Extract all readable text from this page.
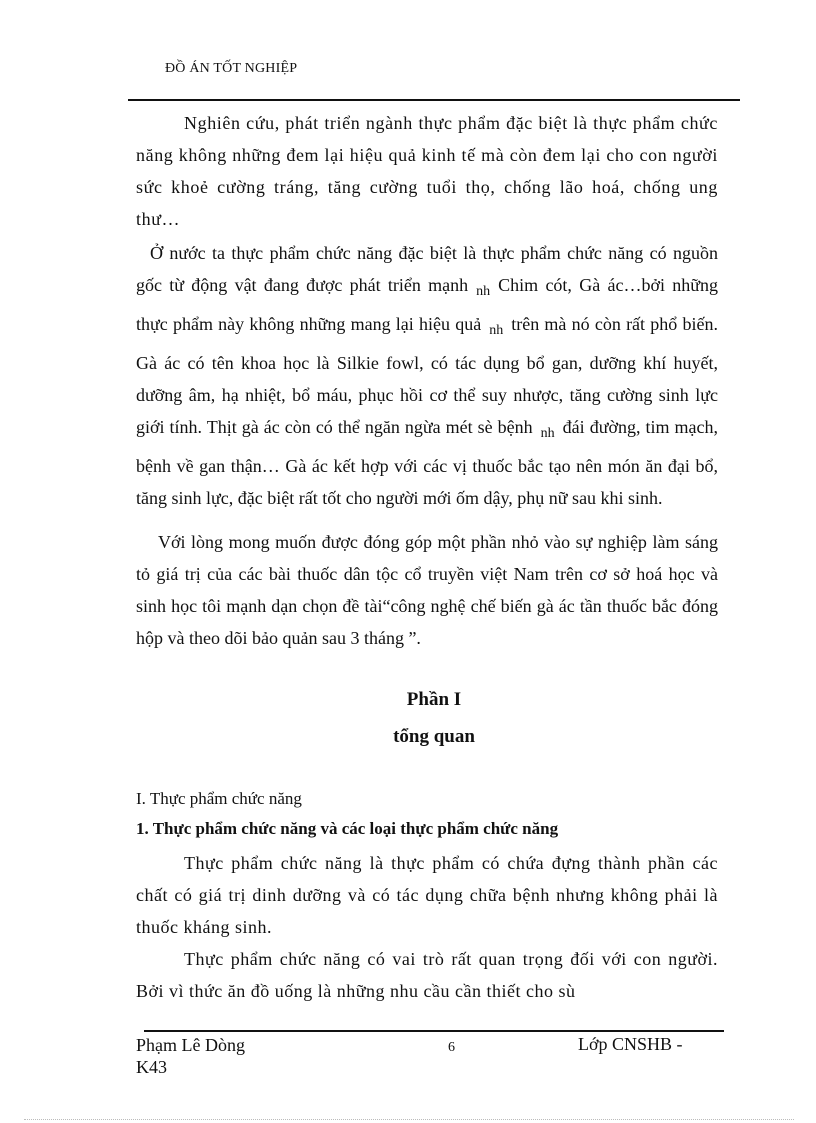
ĐỒ ÁN TỐT NGHIỆP

Nghiên cứu, phát triển ngành thực phẩm đặc biệt là thực phẩm chức năng không những đem lại hiệu quả kinh tế mà còn đem lại cho con người sức khoẻ cường tráng, tăng cường tuổi thọ, chống lão hoá, chống ung thư…

Ở nước ta thực phẩm chức năng đặc biệt là thực phẩm chức năng có nguồn gốc từ động vật đang được phát triển mạnh $_{nh}$ Chim cót, Gà ác…bởi những thực phẩm này không những mang lại hiệu quả $_{nh}$ trên mà nó còn rất phổ biến. Gà ác có tên khoa học là Silkie fowl, có tác dụng bổ gan, dưỡng khí huyết, dưỡng âm, hạ nhiệt, bổ máu, phục hồi cơ thể suy nhược, tăng cường sinh lực giới tính. Thịt gà ác còn có thể ngăn ngừa mét sè bệnh $_{nh}$ đái đường, tim mạch, bệnh về gan thận… Gà ác kết hợp với các vị thuốc bắc tạo nên món ăn đại bổ, tăng sinh lực, đặc biệt rất tốt cho người mới ốm dậy, phụ nữ sau khi sinh.

Với lòng mong muốn được đóng góp một phần nhỏ vào sự nghiệp làm sáng tỏ giá trị của các bài thuốc dân tộc cổ truyền việt Nam trên cơ sở hoá học và sinh học tôi mạnh dạn chọn đề tài“công nghệ chế biến gà ác tần thuốc bắc đóng hộp và theo dõi bảo quản sau 3 tháng ”.

Phần I
tổng quan
I. Thực phẩm chức năng
1. Thực phẩm chức năng và các loại thực phẩm chức năng

Thực phẩm chức năng là thực phẩm có chứa đựng thành phần các chất có giá trị dinh dưỡng và có tác dụng chữa bệnh nhưng không phải là thuốc kháng sinh.

Thực phẩm chức năng có vai trò rất quan trọng đối với con người. Bởi vì thức ăn đồ uống là những nhu cầu cần thiết cho sù

Phạm Lê Dòng K43
6	Lớp CNSHB -
